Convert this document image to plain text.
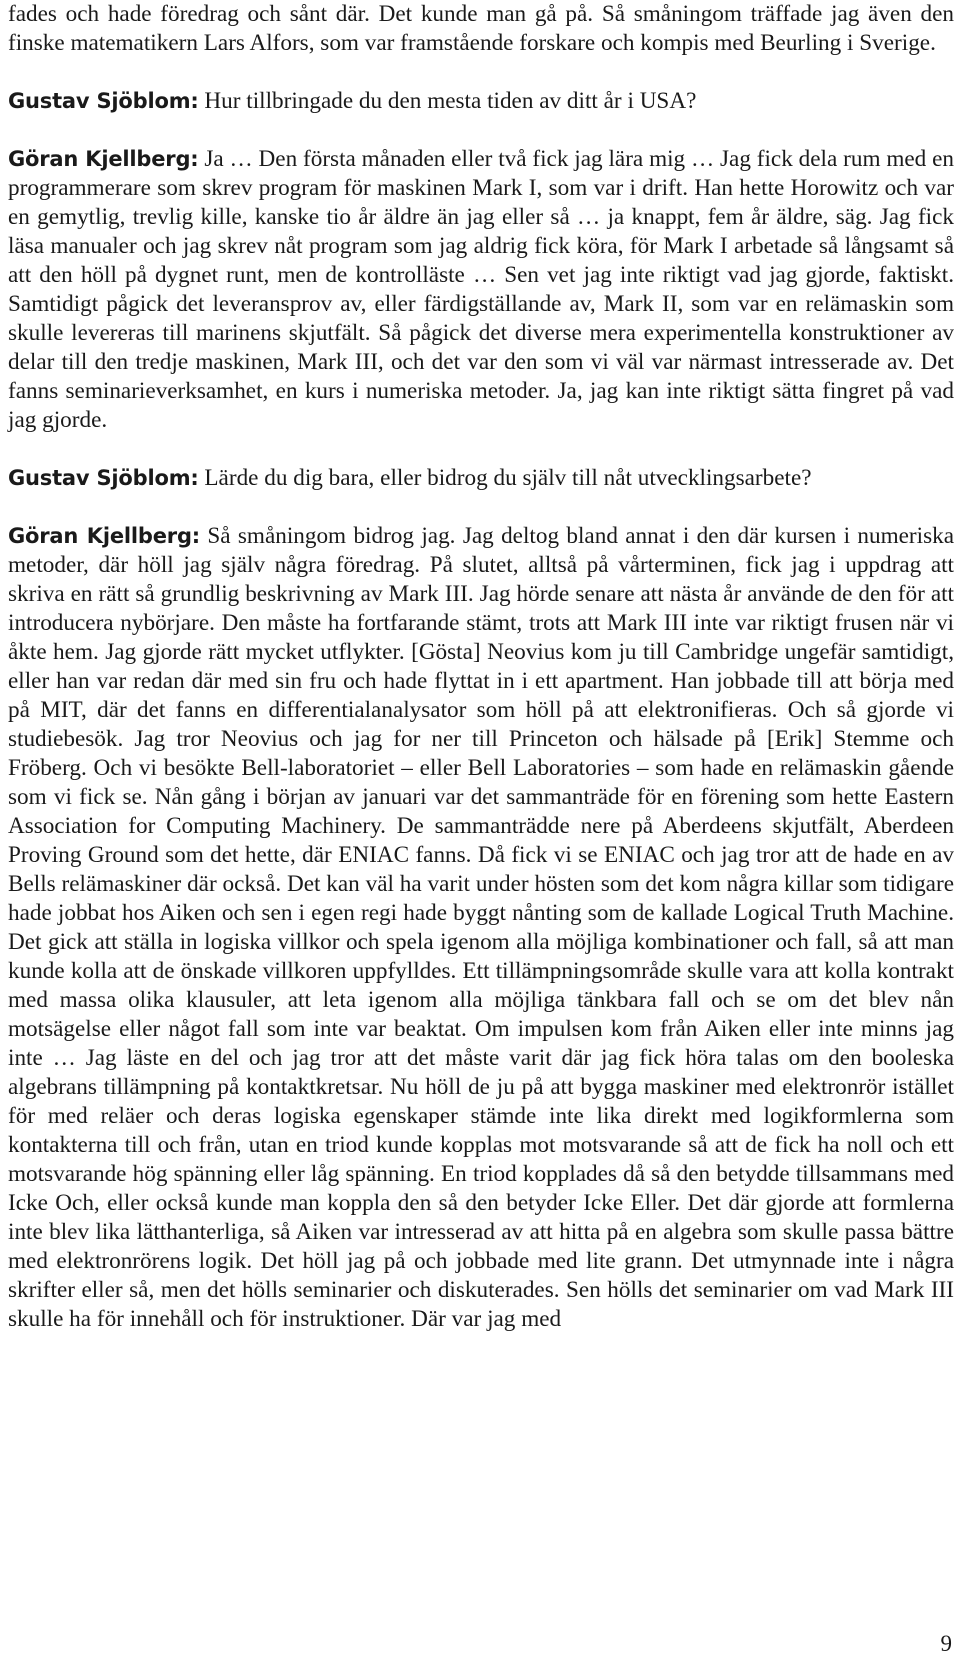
fades och hade föredrag och sånt där. Det kunde man gå på. Så småningom träffade jag även den finske matematikern Lars Alfors, som var framstående forskare och kompis med Beurling i Sverige.

Gustav Sjöblom: Hur tillbringade du den mesta tiden av ditt år i USA?

Göran Kjellberg: Ja … Den första månaden eller två fick jag lära mig … Jag fick dela rum med en programmerare som skrev program för maskinen Mark I, som var i drift. Han hette Horowitz och var en gemytlig, trevlig kille, kanske tio år äldre än jag eller så … ja knappt, fem år äldre, säg. Jag fick läsa manualer och jag skrev nåt program som jag aldrig fick köra, för Mark I arbetade så långsamt så att den höll på dygnet runt, men de kontrolläste … Sen vet jag inte riktigt vad jag gjorde, faktiskt. Samtidigt pågick det leveransprov av, eller färdigställande av, Mark II, som var en relämaskin som skulle levereras till marinens skjutfält. Så pågick det diverse mera experimentella konstruktioner av delar till den tredje maskinen, Mark III, och det var den som vi väl var närmast intresserade av. Det fanns seminarieverksamhet, en kurs i numeriska metoder. Ja, jag kan inte riktigt sätta fingret på vad jag gjorde.

Gustav Sjöblom: Lärde du dig bara, eller bidrog du själv till nåt utvecklingsarbete?

Göran Kjellberg: Så småningom bidrog jag. Jag deltog bland annat i den där kursen i numeriska metoder, där höll jag själv några föredrag. På slutet, alltså på vårterminen, fick jag i uppdrag att skriva en rätt så grundlig beskrivning av Mark III. Jag hörde senare att nästa år använde de den för att introducera nybörjare. Den måste ha fortfarande stämt, trots att Mark III inte var riktigt frusen när vi åkte hem. Jag gjorde rätt mycket utflykter. [Gösta] Neovius kom ju till Cambridge ungefär samtidigt, eller han var redan där med sin fru och hade flyttat in i ett apartment. Han jobbade till att börja med på MIT, där det fanns en differentialanalysator som höll på att elektronifieras. Och så gjorde vi studiebesök. Jag tror Neovius och jag for ner till Princeton och hälsade på [Erik] Stemme och Fröberg. Och vi besökte Bell-laboratoriet – eller Bell Laboratories – som hade en relämaskin gående som vi fick se. Nån gång i början av januari var det sammanträde för en förening som hette Eastern Association for Computing Machinery. De sammanträdde nere på Aberdeens skjutfält, Aberdeen Proving Ground som det hette, där ENIAC fanns. Då fick vi se ENIAC och jag tror att de hade en av Bells relämaskiner där också. Det kan väl ha varit under hösten som det kom några killar som tidigare hade jobbat hos Aiken och sen i egen regi hade byggt nånting som de kallade Logical Truth Machine. Det gick att ställa in logiska villkor och spela igenom alla möjliga kombinationer och fall, så att man kunde kolla att de önskade villkoren uppfylldes. Ett tillämpningsområde skulle vara att kolla kontrakt med massa olika klausuler, att leta igenom alla möjliga tänkbara fall och se om det blev nån motsägelse eller något fall som inte var beaktat. Om impulsen kom från Aiken eller inte minns jag inte … Jag läste en del och jag tror att det måste varit där jag fick höra talas om den booleska algebrans tillämpning på kontaktkretsar. Nu höll de ju på att bygga maskiner med elektronrör istället för med reläer och deras logiska egenskaper stämde inte lika direkt med logikformlerna som kontakterna till och från, utan en triod kunde kopplas mot motsvarande så att de fick ha noll och ett motsvarande hög spänning eller låg spänning. En triod kopplades då så den betydde tillsammans med Icke Och, eller också kunde man koppla den så den betyder Icke Eller. Det där gjorde att formlerna inte blev lika lätthanterliga, så Aiken var intresserad av att hitta på en algebra som skulle passa bättre med elektronrörens logik. Det höll jag på och jobbade med lite grann. Det utmynnade inte i några skrifter eller så, men det hölls seminarier och diskuterades. Sen hölls det seminarier om vad Mark III skulle ha för innehåll och för instruktioner. Där var jag med

9
